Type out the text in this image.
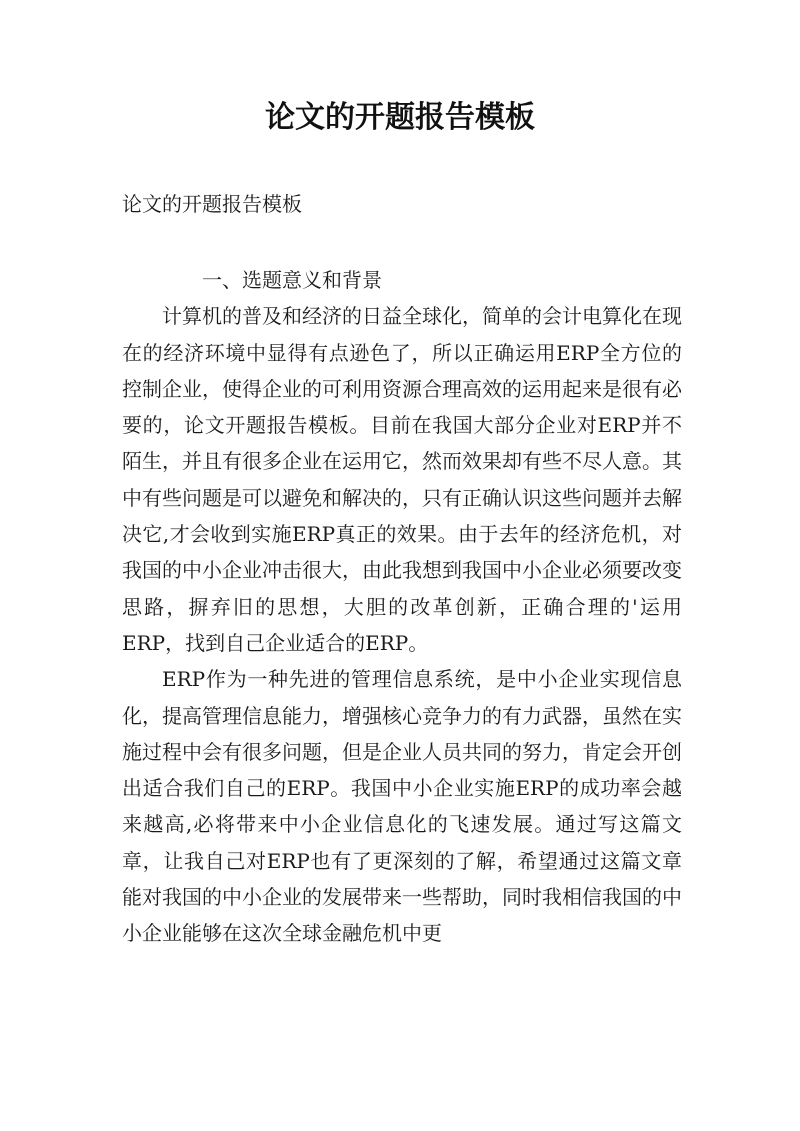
论文的开题报告模板

论文的开题报告模板

一、选题意义和背景

计算机的普及和经济的日益全球化，简单的会计电算化在现在的经济环境中显得有点逊色了，所以正确运用ERP全方位的控制企业，使得企业的可利用资源合理高效的运用起来是很有必要的，论文开题报告模板。目前在我国大部分企业对ERP并不陌生，并且有很多企业在运用它，然而效果却有些不尽人意。其中有些问题是可以避免和解决的，只有正确认识这些问题并去解决它,才会收到实施ERP真正的效果。由于去年的经济危机，对我国的中小企业冲击很大，由此我想到我国中小企业必须要改变思路，摒弃旧的思想，大胆的改革创新，正确合理的'运用ERP，找到自己企业适合的ERP。

ERP作为一种先进的管理信息系统，是中小企业实现信息化，提高管理信息能力，增强核心竞争力的有力武器，虽然在实施过程中会有很多问题，但是企业人员共同的努力，肯定会开创出适合我们自己的ERP。我国中小企业实施ERP的成功率会越来越高,必将带来中小企业信息化的飞速发展。通过写这篇文章，让我自己对ERP也有了更深刻的了解，希望通过这篇文章能对我国的中小企业的发展带来一些帮助，同时我相信我国的中小企业能够在这次全球金融危机中更
